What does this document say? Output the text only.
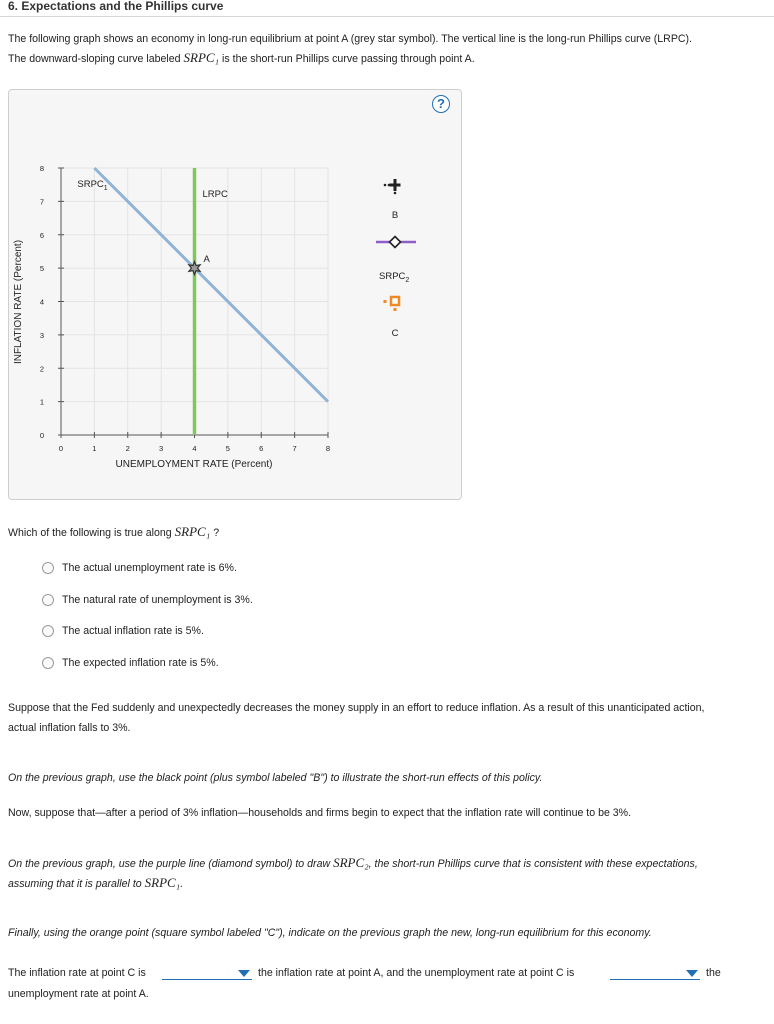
6. Expectations and the Phillips curve
The following graph shows an economy in long-run equilibrium at point A (grey star symbol). The vertical line is the long-run Phillips curve (LRPC).
The downward-sloping curve labeled SRPC₁ is the short-run Phillips curve passing through point A.
?
0
1
2
3
4
5
6
7
8
0	1	2	3	4	5	6	7	8
$SRPC_1$
LRPC
A
INFLATION RATE (Percent)
UNEMPLOYMENT RATE (Percent)
B
$SRPC_2$
C
Which of the following is true along SRPC₁ ?
The actual unemployment rate is 6%.
The natural rate of unemployment is 3%.
The actual inflation rate is 5%.
The expected inflation rate is 5%.
Suppose that the Fed suddenly and unexpectedly decreases the money supply in an effort to reduce inflation. As a result of this unanticipated action,
actual inflation falls to 3%.
On the previous graph, use the black point (plus symbol labeled "B") to illustrate the short-run effects of this policy.
Now, suppose that—after a period of 3% inflation—households and firms begin to expect that the inflation rate will continue to be 3%.
On the previous graph, use the purple line (diamond symbol) to draw SRPC₂, the short-run Phillips curve that is consistent with these expectations,
assuming that it is parallel to SRPC₁.
Finally, using the orange point (square symbol labeled "C"), indicate on the previous graph the new, long-run equilibrium for this economy.
The inflation rate at point C is	the inflation rate at point A, and the unemployment rate at point C is	the
unemployment rate at point A.
